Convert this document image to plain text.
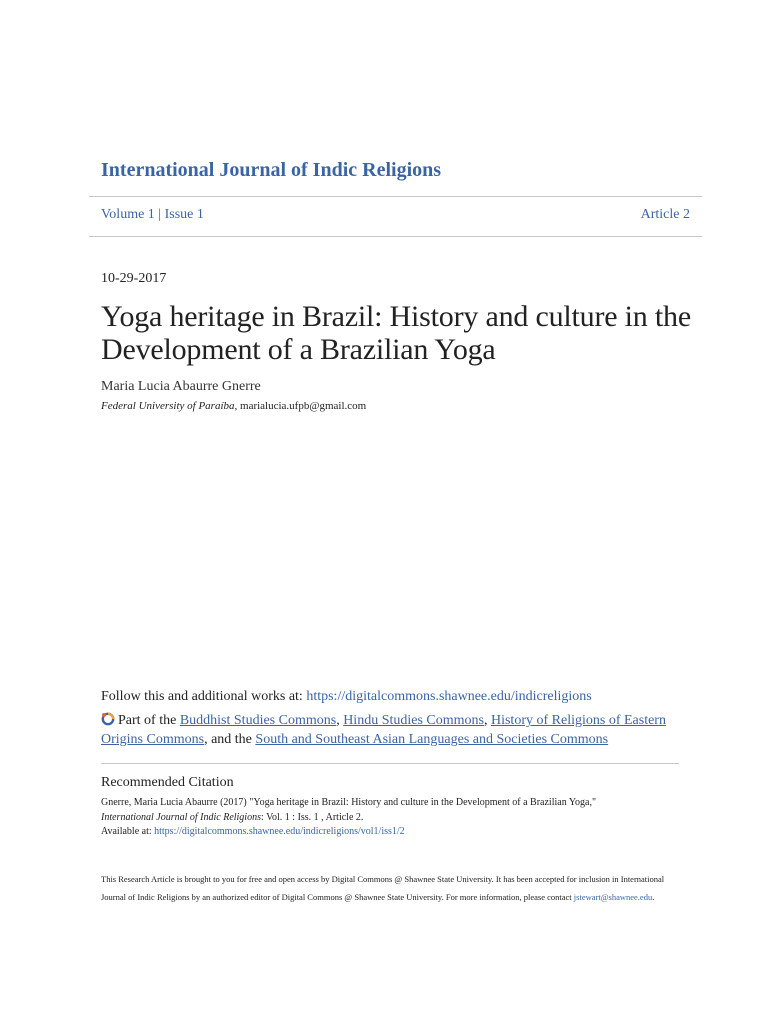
International Journal of Indic Religions
Volume 1 | Issue 1	Article 2
10-29-2017
Yoga heritage in Brazil: History and culture in the Development of a Brazilian Yoga
Maria Lucia Abaurre Gnerre
Federal University of Paraíba, marialucia.ufpb@gmail.com
Follow this and additional works at: https://digitalcommons.shawnee.edu/indicreligions
Part of the Buddhist Studies Commons, Hindu Studies Commons, History of Religions of Eastern Origins Commons, and the South and Southeast Asian Languages and Societies Commons
Recommended Citation
Gnerre, Maria Lucia Abaurre (2017) "Yoga heritage in Brazil: History and culture in the Development of a Brazilian Yoga,"
International Journal of Indic Religions: Vol. 1 : Iss. 1 , Article 2.
Available at: https://digitalcommons.shawnee.edu/indicreligions/vol1/iss1/2
This Research Article is brought to you for free and open access by Digital Commons @ Shawnee State University. It has been accepted for inclusion in International Journal of Indic Religions by an authorized editor of Digital Commons @ Shawnee State University. For more information, please contact jstewart@shawnee.edu.
